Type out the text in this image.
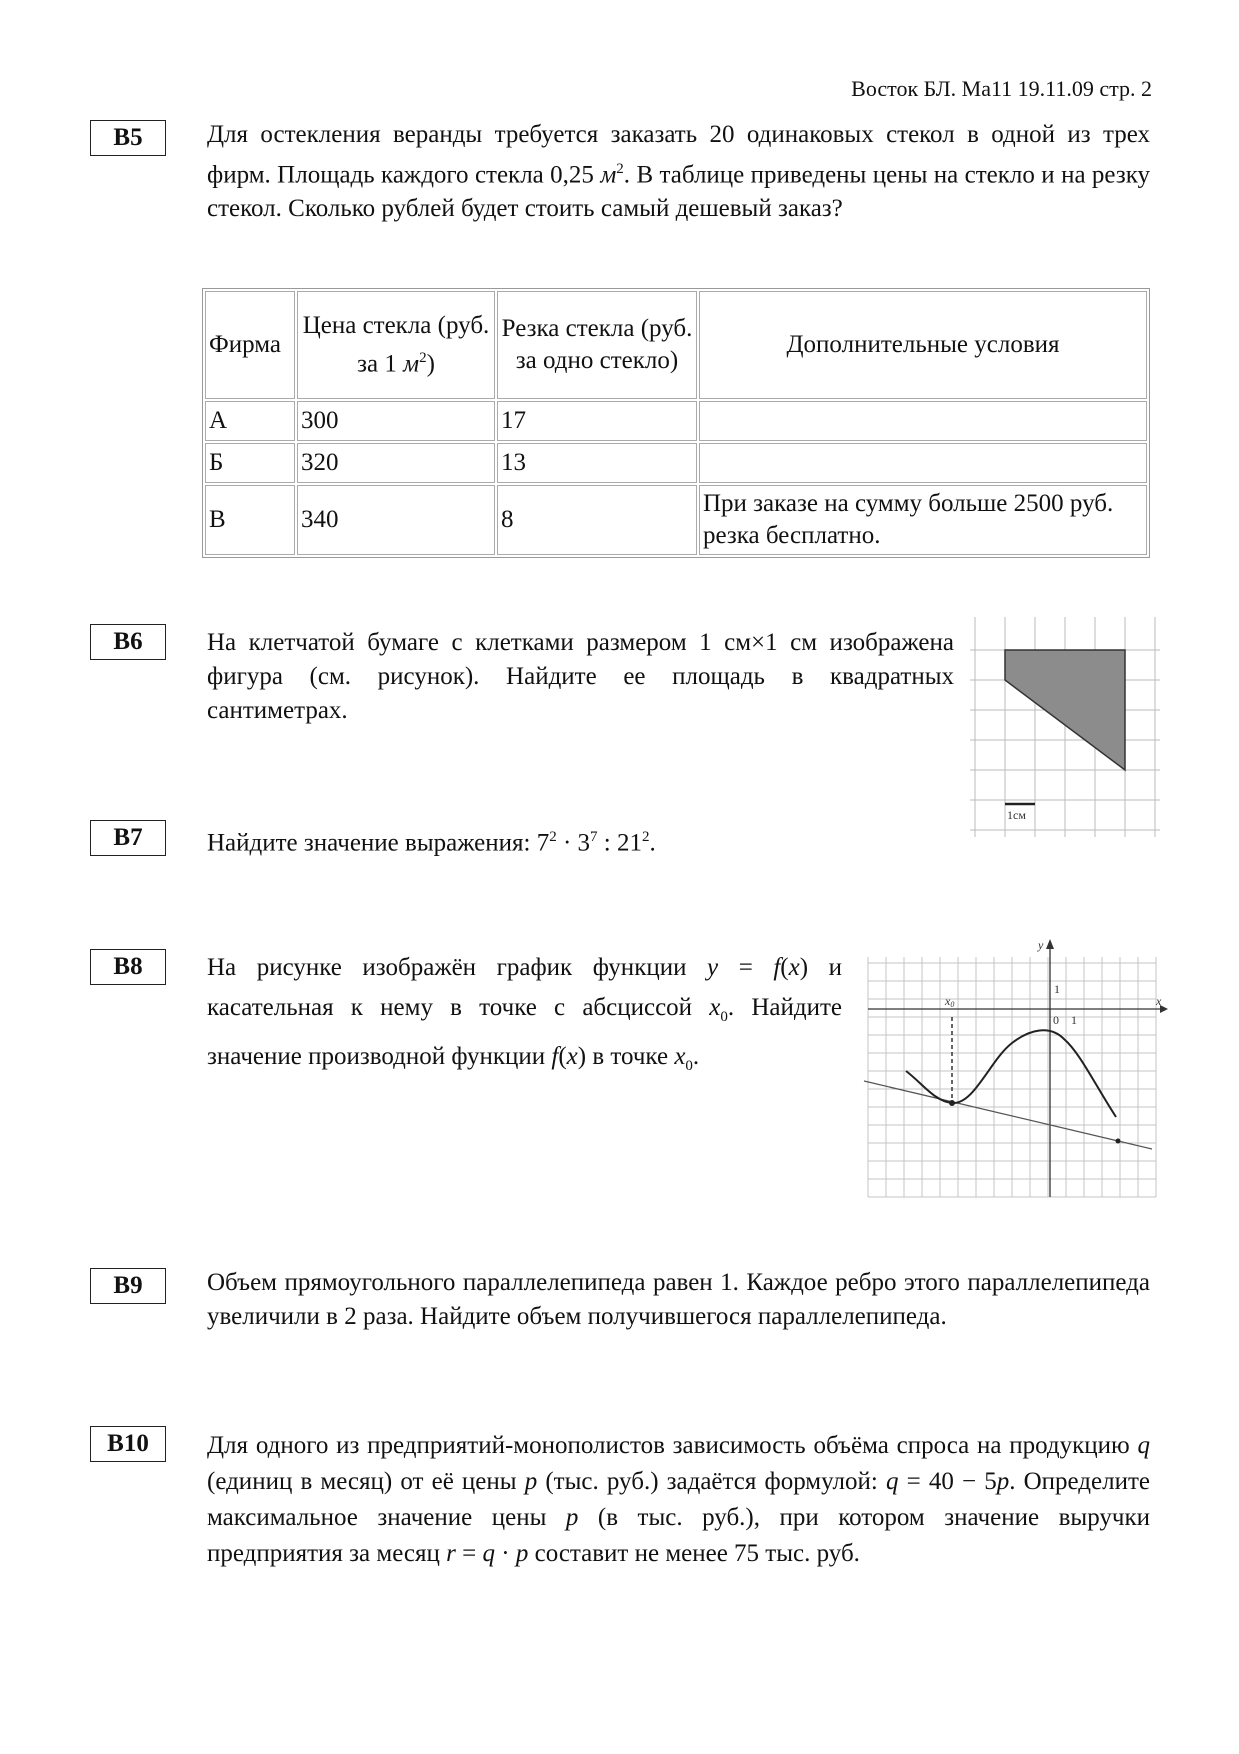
Восток БЛ. Ма11 19.11.09 стр. 2
B5	Для остекления веранды требуется заказать 20 одинаковых стекол в одной из трех фирм. Площадь каждого стекла 0,25 $м^2$. В таблице приведены цены на стекло и на резку стекол. Сколько рублей будет стоить самый дешевый заказ?
Фирма	Цена стекла (руб. за 1 $м^2$)	Резка стекла (руб. за одно стекло)	Дополнительные условия
А	300	17	
Б	320	13	
В	340	8	При заказе на сумму больше 2500 руб. резка бесплатно.
B6	На клетчатой бумаге с клетками размером 1 см×1 см изображена фигура (см. рисунок). Найдите ее площадь в квадратных сантиметрах.
1см
B7	Найдите значение выражения: $7^2 \cdot 3^7$ : $21^2$.
B8	На рисунке изображён график функции y = f(x) и касательная к нему в точке с абсциссой $x_0$. Найдите значение производной функции f(x) в точке $x_0$.
y
x
x0
1
0 1
B9	Объем прямоугольного параллелепипеда равен 1. Каждое ребро этого параллелепипеда увеличили в 2 раза. Найдите объем получившегося параллелепипеда.
B10	Для одного из предприятий-монополистов зависимость объёма спроса на продукцию q (единиц в месяц) от её цены p (тыс. руб.) задаётся формулой: q = 40 − 5p. Определите максимальное значение цены p (в тыс. руб.), при котором значение выручки предприятия за месяц r = q · p составит не менее 75 тыс. руб.
